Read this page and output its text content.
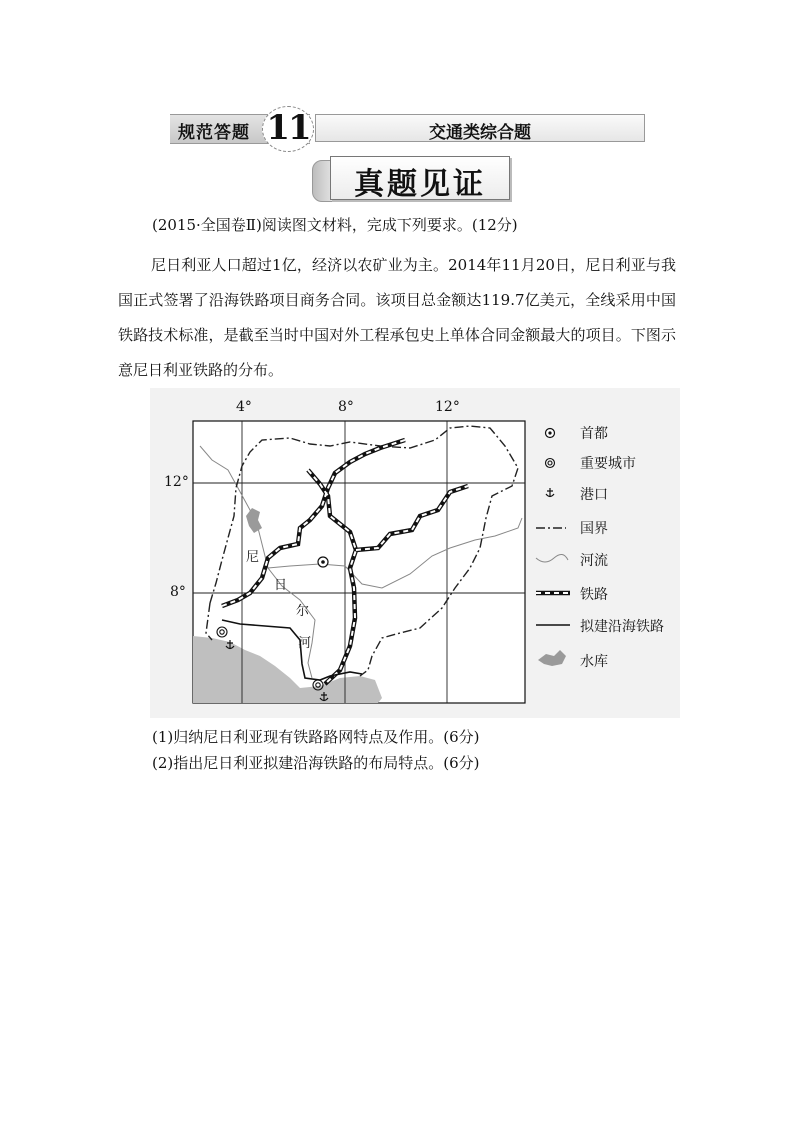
规范答题	交通类综合题
11
真题见证
(2015·全国卷Ⅱ)阅读图文材料，完成下列要求。(12分)
尼日利亚人口超过1亿，经济以农矿业为主。2014年11月20日，尼日利亚与我国正式签署了沿海铁路项目商务合同。该项目总金额达119.7亿美元，全线采用中国铁路技术标准，是截至当时中国对外工程承包史上单体合同金额最大的项目。下图示意尼日利亚铁路的分布。
4°	8°	12°
12°
8°
尼
日
尔
河
首都
重要城市
港口
国界
河流
铁路
拟建沿海铁路
水库
(1)归纳尼日利亚现有铁路路网特点及作用。(6分)
(2)指出尼日利亚拟建沿海铁路的布局特点。(6分)
